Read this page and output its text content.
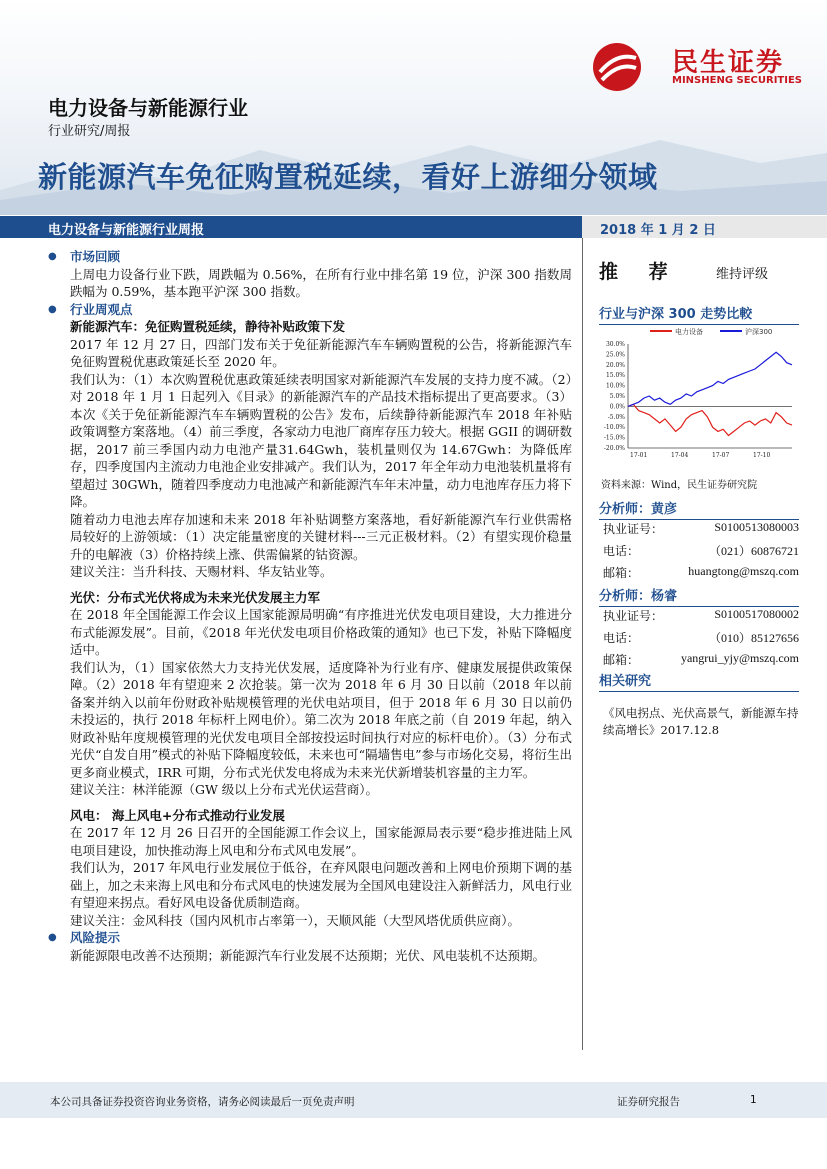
民生证券
MINSHENG SECURITIES
电力设备与新能源行业
行业研究/周报
新能源汽车免征购置税延续，看好上游细分领域
电力设备与新能源行业周报	2018 年 1 月 2 日

● 市场回顾

上周电力设备行业下跌，周跌幅为 0.56%，在所有行业中排名第 19 位，沪深 300 指数周跌幅为 0.59%，基本跑平沪深 300 指数。

● 行业周观点

新能源汽车：免征购置税延续，静待补贴政策下发

2017 年 12 月 27 日，四部门发布关于免征新能源汽车车辆购置税的公告，将新能源汽车免征购置税优惠政策延长至 2020 年。

我们认为：（1）本次购置税优惠政策延续表明国家对新能源汽车发展的支持力度不减。（2）对 2018 年 1 月 1 日起列入《目录》的新能源汽车的产品技术指标提出了更高要求。（3）本次《关于免征新能源汽车车辆购置税的公告》发布，后续静待新能源汽车 2018 年补贴政策调整方案落地。（4）前三季度，各家动力电池厂商库存压力较大。根据 GGII 的调研数据，2017 前三季国内动力电池产量31.64Gwh，装机量则仅为 14.67Gwh：为降低库存，四季度国内主流动力电池企业安排减产。我们认为，2017 年全年动力电池装机量将有望超过 30GWh，随着四季度动力电池减产和新能源汽车年末冲量，动力电池库存压力将下降。

随着动力电池去库存加速和未来 2018 年补贴调整方案落地，看好新能源汽车行业供需格局较好的上游领域：（1）决定能量密度的关键材料---三元正极材料。（2）有望实现价稳量升的电解液（3）价格持续上涨、供需偏紧的钴资源。

建议关注：当升科技、天赐材料、华友钴业等。

光伏：分布式光伏将成为未来光伏发展主力军

在 2018 年全国能源工作会议上国家能源局明确“有序推进光伏发电项目建设，大力推进分布式能源发展”。目前，《2018 年光伏发电项目价格政策的通知》也已下发，补贴下降幅度适中。

我们认为，（1）国家依然大力支持光伏发展，适度降补为行业有序、健康发展提供政策保障。（2）2018 年有望迎来 2 次抢装。第一次为 2018 年 6 月 30 日以前（2018 年以前备案并纳入以前年份财政补贴规模管理的光伏电站项目，但于 2018 年 6 月 30 日以前仍未投运的，执行 2018 年标杆上网电价）。第二次为 2018 年底之前（自 2019 年起，纳入财政补贴年度规模管理的光伏发电项目全部按投运时间执行对应的标杆电价）。（3）分布式光伏“自发自用”模式的补贴下降幅度较低，未来也可“隔墙售电”参与市场化交易，将衍生出更多商业模式，IRR 可期，分布式光伏发电将成为未来光伏新增装机容量的主力军。

建议关注：林洋能源（GW 级以上分布式光伏运营商）。

风电： 海上风电+分布式推动行业发展

在 2017 年 12 月 26 日召开的全国能源工作会议上，国家能源局表示要“稳步推进陆上风电项目建设，加快推动海上风电和分布式风电发展”。

我们认为，2017 年风电行业发展位于低谷，在弃风限电问题改善和上网电价预期下调的基础上，加之未来海上风电和分布式风电的快速发展为全国风电建设注入新鲜活力，风电行业有望迎来拐点。看好风电设备优质制造商。

建议关注：金风科技（国内风机市占率第一），天顺风能（大型风塔优质供应商）。

● 风险提示

新能源限电改善不达预期；新能源汽车行业发展不达预期；光伏、风电装机不达预期。

推 荐	维持评级
行业与沪深 300 走势比較
电力设备	沪深300
30.0%
25.0%
20.0%
15.0%
10.0%
5.0%
0.0%
-5.0%
-10.0%
-15.0%
-20.0%
17-01	17-04	17-07	17-10
资料来源：Wind，民生证券研究院
分析师：黄彦
执业证号：	S0100513080003
电话：	（021）60876721
邮箱：	huangtong@mszq.com
分析师：杨睿
执业证号：	S0100517080002
电话：	（010）85127656
邮箱：	yangrui_yjy@mszq.com
相关研究
《风电拐点、光伏高景气，新能源车持续高增长》2017.12.8
本公司具备证券投资咨询业务资格，请务必阅读最后一页免责声明	证券研究报告	1
